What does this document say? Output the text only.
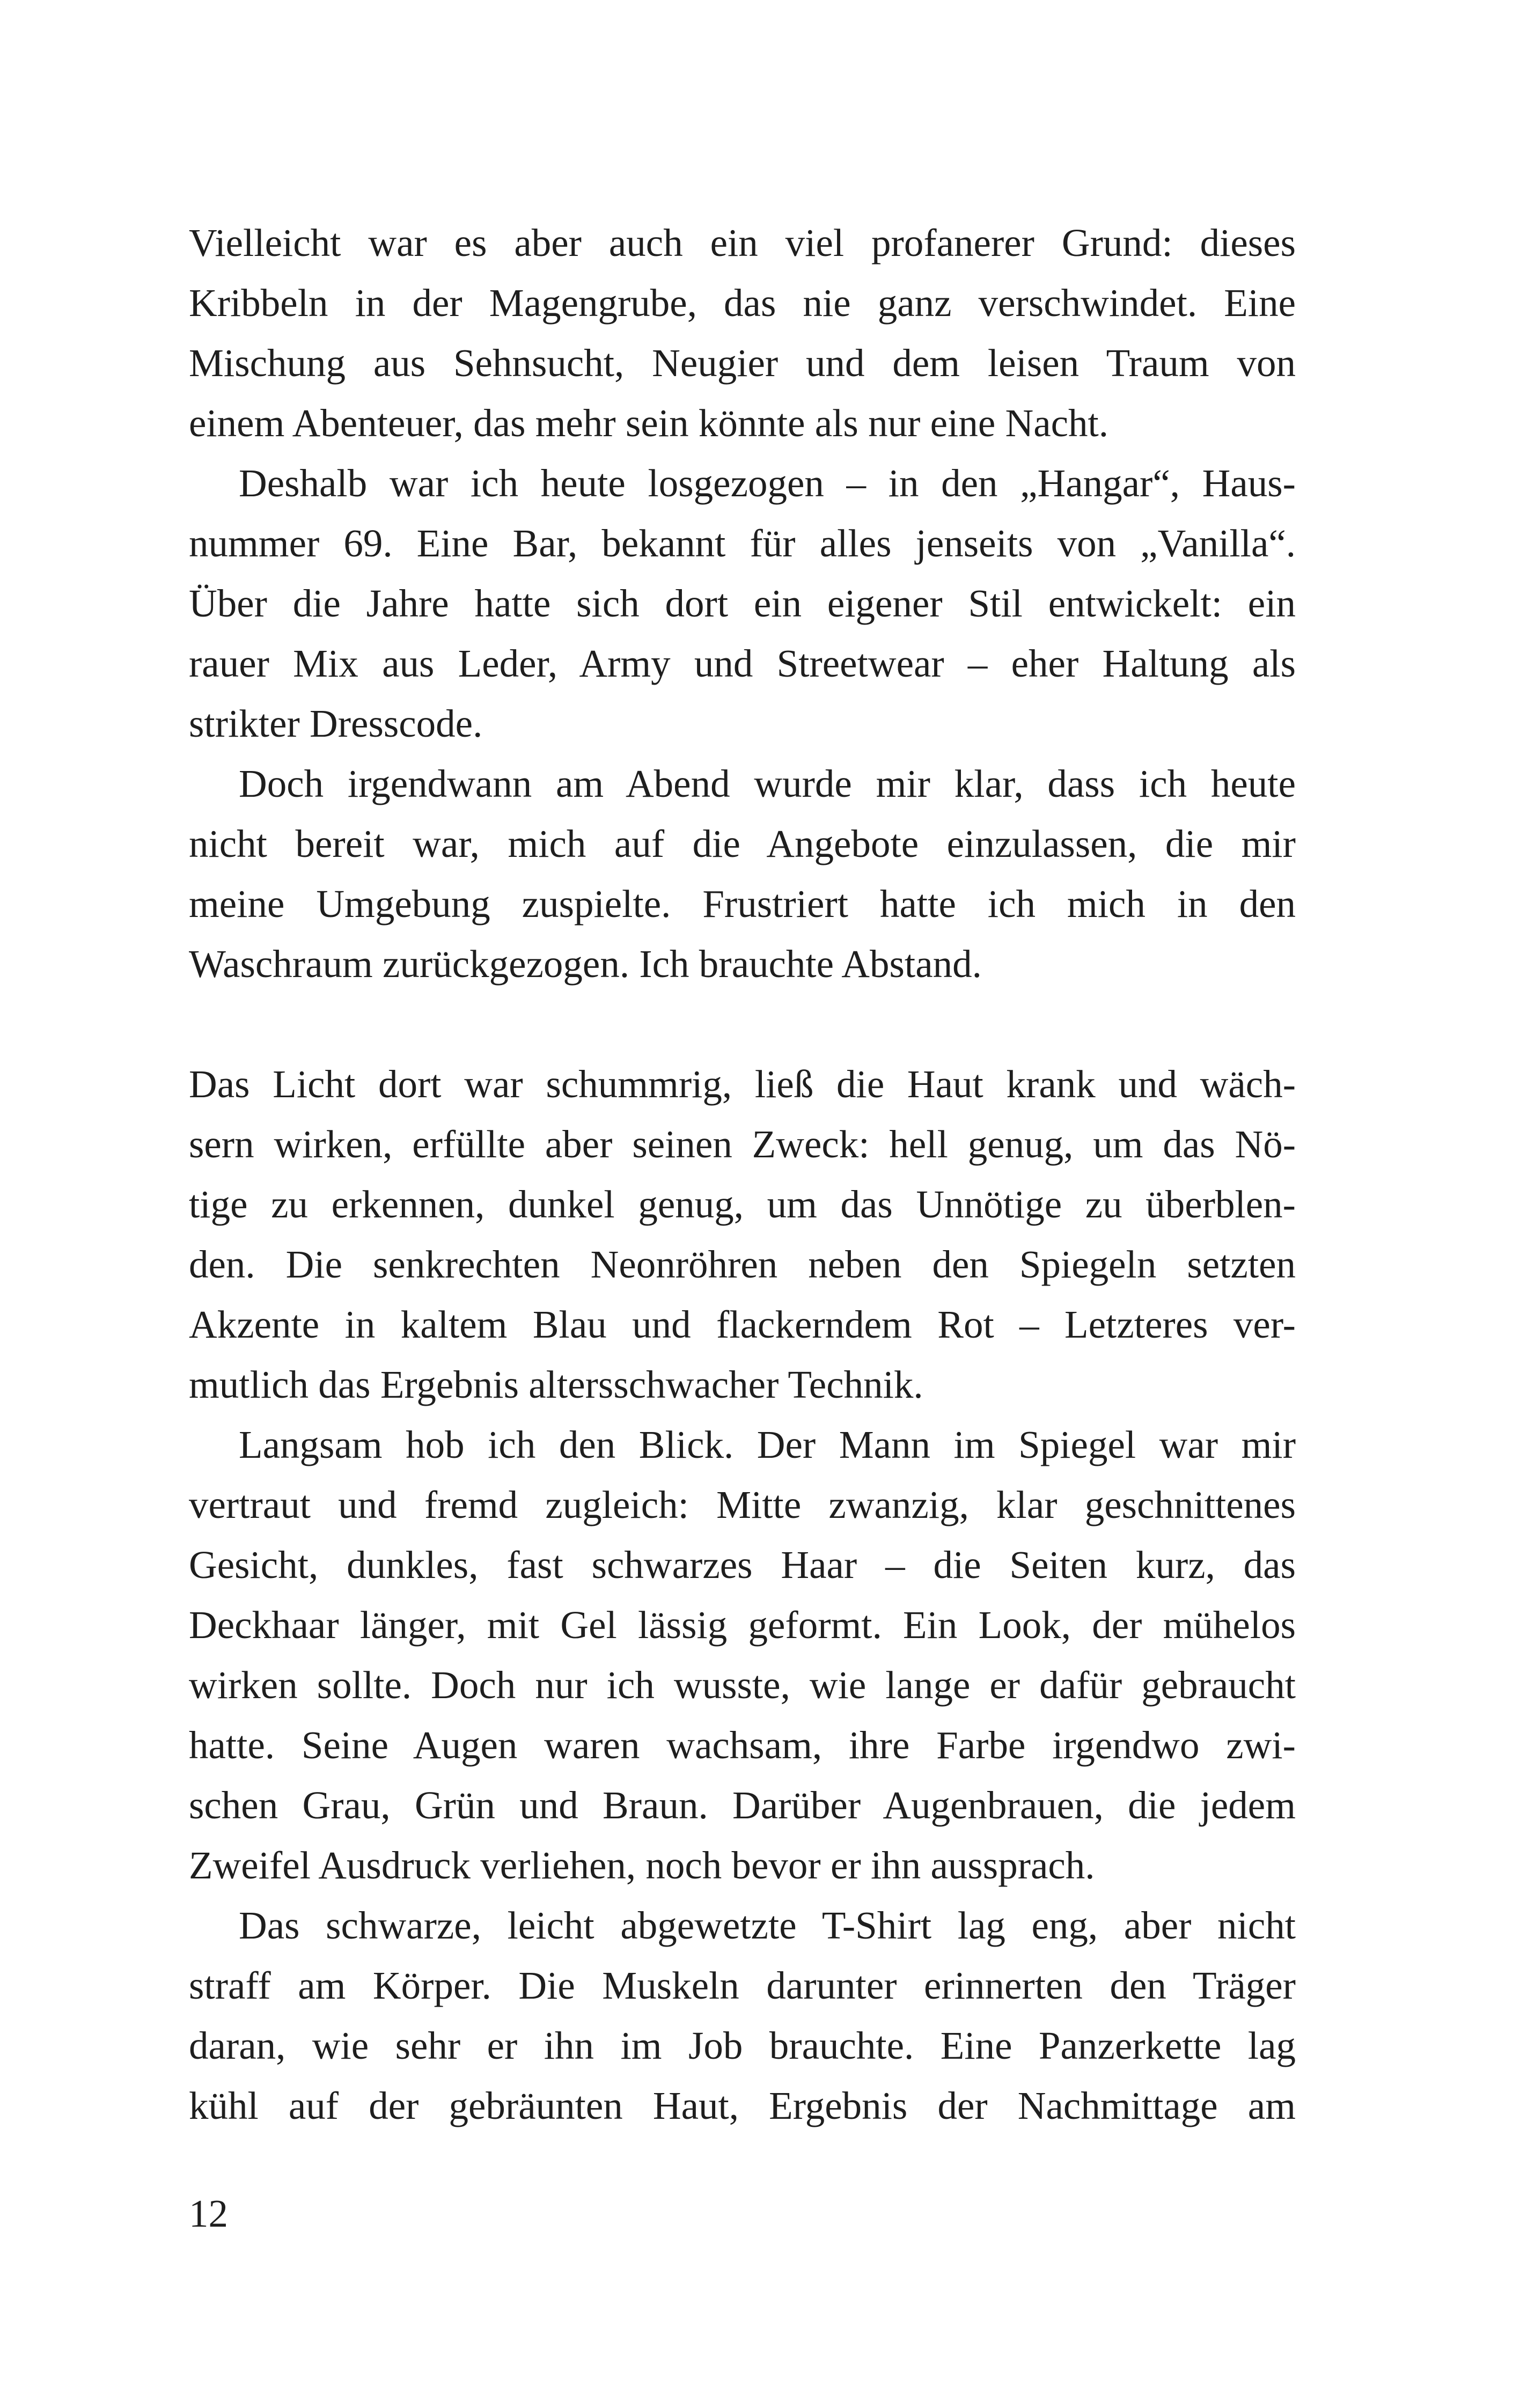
Vielleicht war es aber auch ein viel profanerer Grund: dieses
Kribbeln in der Magengrube, das nie ganz verschwindet. Eine
Mischung aus Sehnsucht, Neugier und dem leisen Traum von
einem Abenteuer, das mehr sein könnte als nur eine Nacht.
Deshalb war ich heute losgezogen – in den „Hangar“, Haus-
nummer 69. Eine Bar, bekannt für alles jenseits von „Vanilla“.
Über die Jahre hatte sich dort ein eigener Stil entwickelt: ein
rauer Mix aus Leder, Army und Streetwear – eher Haltung als
strikter Dresscode.
Doch irgendwann am Abend wurde mir klar, dass ich heute
nicht bereit war, mich auf die Angebote einzulassen, die mir
meine Umgebung zuspielte. Frustriert hatte ich mich in den
Waschraum zurückgezogen. Ich brauchte Abstand.
Das Licht dort war schummrig, ließ die Haut krank und wäch-
sern wirken, erfüllte aber seinen Zweck: hell genug, um das Nö-
tige zu erkennen, dunkel genug, um das Unnötige zu überblen-
den. Die senkrechten Neonröhren neben den Spiegeln setzten
Akzente in kaltem Blau und flackerndem Rot – Letzteres ver-
mutlich das Ergebnis altersschwacher Technik.
Langsam hob ich den Blick. Der Mann im Spiegel war mir
vertraut und fremd zugleich: Mitte zwanzig, klar geschnittenes
Gesicht, dunkles, fast schwarzes Haar – die Seiten kurz, das
Deckhaar länger, mit Gel lässig geformt. Ein Look, der mühelos
wirken sollte. Doch nur ich wusste, wie lange er dafür gebraucht
hatte. Seine Augen waren wachsam, ihre Farbe irgendwo zwi-
schen Grau, Grün und Braun. Darüber Augenbrauen, die jedem
Zweifel Ausdruck verliehen, noch bevor er ihn aussprach.
Das schwarze, leicht abgewetzte T-Shirt lag eng, aber nicht
straff am Körper. Die Muskeln darunter erinnerten den Träger
daran, wie sehr er ihn im Job brauchte. Eine Panzerkette lag
kühl auf der gebräunten Haut, Ergebnis der Nachmittage am
12
